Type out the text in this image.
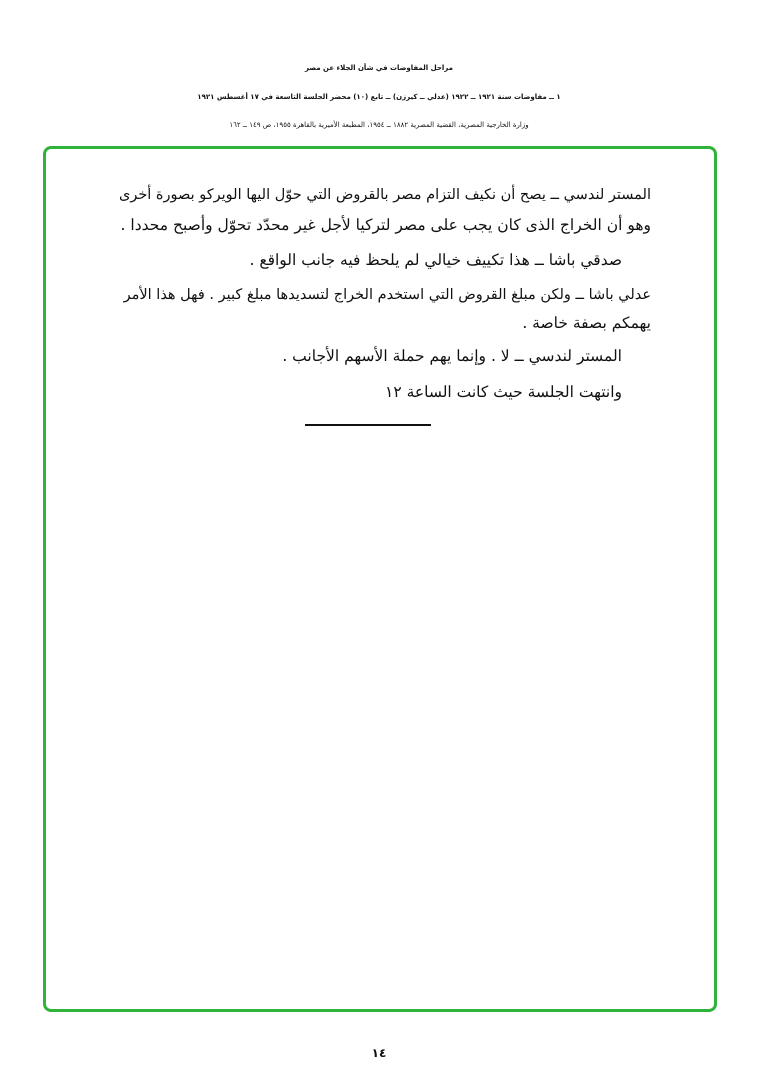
مراحل المفاوضات في شأن الجلاء عن مصر
١ ــ مفاوضات سنة ١٩٢١ ــ ١٩٢٢ (عدلي ــ كيرزن) ــ تابع (١٠) محضر الجلسة التاسعة في ١٧ أغسطس ١٩٢١
وزارة الخارجية المصرية، القضية المصرية ١٨٨٢ ــ ١٩٥٤، المطبعة الأميرية بالقاهرة ١٩٥٥، ص ١٤٩ ــ ١٦٢
المستر لندسي ــ يصح أن نكيف التزام مصر بالقروض التي حوّل اليها الويركو بصورة أخرى
وهو أن الخراج الذى كان يجب على مصر لتركيا لأجل غير محدّد تحوّل وأصبح محددا .
صدقي باشا ــ هذا تكييف خيالي لم يلحظ فيه جانب الواقع .
عدلي باشا ــ ولكن مبلغ القروض التي استخدم الخراج لتسديدها مبلغ كبير . فهل هذا الأمر
يهمكم بصفة خاصة .
المستر لندسي ــ لا . وإنما يهم حملة الأسهم الأجانب .
وانتهت الجلسة حيث كانت الساعة ١٢
١٤
